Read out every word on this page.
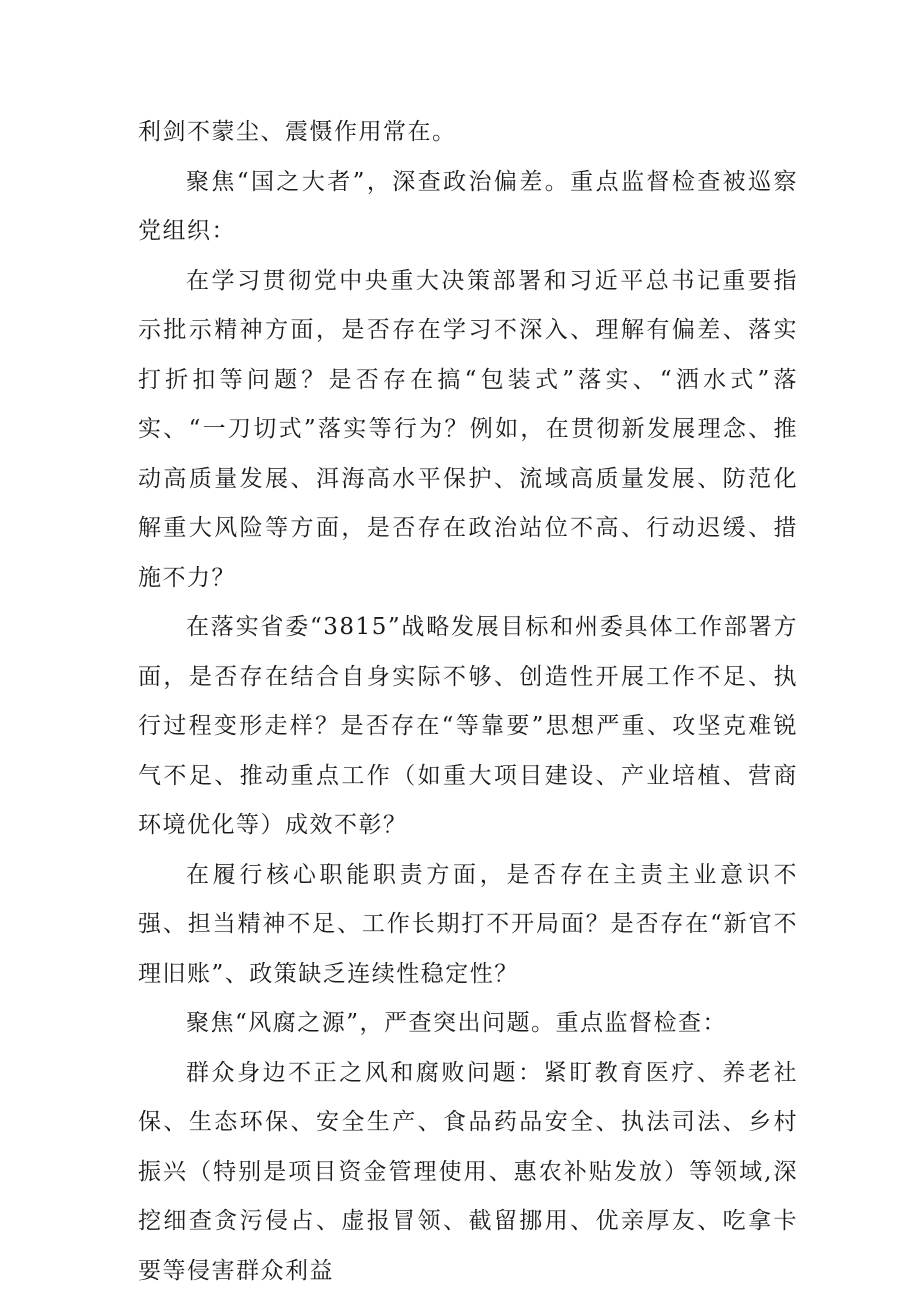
利剑不蒙尘、震慑作用常在。

聚焦“国之大者”，深查政治偏差。重点监督检查被巡察党组织：

在学习贯彻党中央重大决策部署和习近平总书记重要指示批示精神方面，是否存在学习不深入、理解有偏差、落实打折扣等问题？是否存在搞“包装式”落实、“洒水式”落实、“一刀切式”落实等行为？例如，在贯彻新发展理念、推动高质量发展、洱海高水平保护、流域高质量发展、防范化解重大风险等方面，是否存在政治站位不高、行动迟缓、措施不力？

在落实省委“3815”战略发展目标和州委具体工作部署方面，是否存在结合自身实际不够、创造性开展工作不足、执行过程变形走样？是否存在“等靠要”思想严重、攻坚克难锐气不足、推动重点工作（如重大项目建设、产业培植、营商环境优化等）成效不彰？

在履行核心职能职责方面，是否存在主责主业意识不强、担当精神不足、工作长期打不开局面？是否存在“新官不理旧账”、政策缺乏连续性稳定性？

聚焦“风腐之源”，严查突出问题。重点监督检查：

群众身边不正之风和腐败问题：紧盯教育医疗、养老社保、生态环保、安全生产、食品药品安全、执法司法、乡村振兴（特别是项目资金管理使用、惠农补贴发放）等领域,深挖细查贪污侵占、虚报冒领、截留挪用、优亲厚友、吃拿卡要等侵害群众利益
